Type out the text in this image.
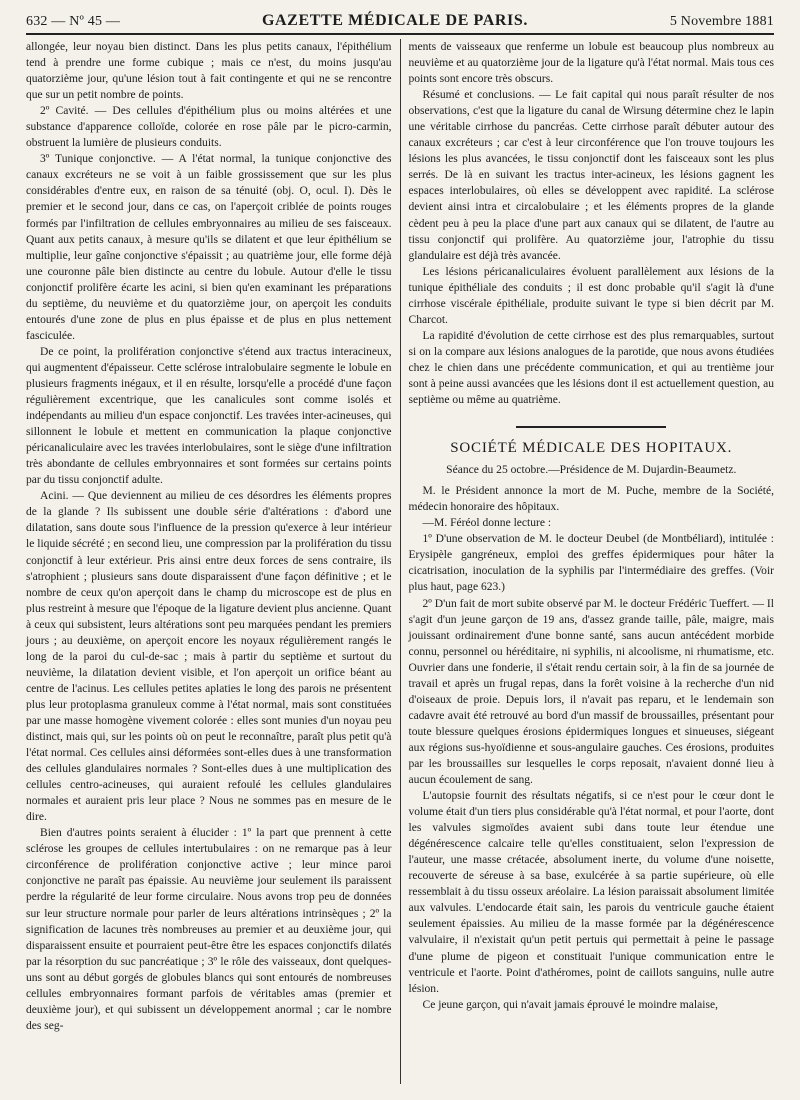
632 — Nº 45 —	GAZETTE MÉDICALE DE PARIS.	5 Novembre 1881

allongée, leur noyau bien distinct. Dans les plus petits canaux, l'épithélium tend à prendre une forme cubique ; mais ce n'est, du moins jusqu'au quatorzième jour, qu'une lésion tout à fait contingente et qui ne se rencontre que sur un petit nombre de points.

2º Cavité. — Des cellules d'épithélium plus ou moins altérées et une substance d'apparence colloïde, colorée en rose pâle par le picro-carmin, obstruent la lumière de plusieurs conduits.

3º Tunique conjonctive. — A l'état normal, la tunique conjonctive des canaux excréteurs ne se voit à un faible grossissement que sur les plus considérables d'entre eux, en raison de sa ténuité (obj. O, ocul. I). Dès le premier et le second jour, dans ce cas, on l'aperçoit criblée de points rouges formés par l'infiltration de cellules embryonnaires au milieu de ses faisceaux. Quant aux petits canaux, à mesure qu'ils se dilatent et que leur épithélium se multiplie, leur gaîne conjonctive s'épaissit ; au quatrième jour, elle forme déjà une couronne pâle bien distincte au centre du lobule. Autour d'elle le tissu conjonctif prolifère écarte les acini, si bien qu'en examinant les préparations du septième, du neuvième et du quatorzième jour, on aperçoit les conduits entourés d'une zone de plus en plus épaisse et de plus en plus nettement fasciculée.

De ce point, la prolifération conjonctive s'étend aux tractus interacineux, qui augmentent d'épaisseur. Cette sclérose intralobulaire segmente le lobule en plusieurs fragments inégaux, et il en résulte, lorsqu'elle a procédé d'une façon régulièrement excentrique, que les canalicules sont comme isolés et indépendants au milieu d'un espace conjonctif. Les travées inter-acineuses, qui sillonnent le lobule et mettent en communication la plaque conjonctive péricanaliculaire avec les travées interlobulaires, sont le siège d'une infiltration très abondante de cellules embryonnaires et sont formées sur certains points par du tissu conjonctif adulte.

Acini. — Que deviennent au milieu de ces désordres les éléments propres de la glande ? Ils subissent une double série d'altérations : d'abord une dilatation, sans doute sous l'influence de la pression qu'exerce à leur intérieur le liquide sécrété ; en second lieu, une compression par la prolifération du tissu conjonctif à leur extérieur. Pris ainsi entre deux forces de sens contraire, ils s'atrophient ; plusieurs sans doute disparaissent d'une façon définitive ; et le nombre de ceux qu'on aperçoit dans le champ du microscope est de plus en plus restreint à mesure que l'époque de la ligature devient plus ancienne. Quant à ceux qui subsistent, leurs altérations sont peu marquées pendant les premiers jours ; au deuxième, on aperçoit encore les noyaux régulièrement rangés le long de la paroi du cul-de-sac ; mais à partir du septième et surtout du neuvième, la dilatation devient visible, et l'on aperçoit un orifice béant au centre de l'acinus. Les cellules petites aplaties le long des parois ne présentent plus leur protoplasma granuleux comme à l'état normal, mais sont constituées par une masse homogène vivement colorée : elles sont munies d'un noyau peu distinct, mais qui, sur les points où on peut le reconnaître, paraît plus petit qu'à l'état normal. Ces cellules ainsi déformées sont-elles dues à une transformation des cellules glandulaires normales ? Sont-elles dues à une multiplication des cellules centro-acineuses, qui auraient refoulé les cellules glandulaires normales et auraient pris leur place ? Nous ne sommes pas en mesure de le dire.

Bien d'autres points seraient à élucider : 1º la part que prennent à cette sclérose les groupes de cellules intertubulaires : on ne remarque pas à leur circonférence de prolifération conjonctive active ; leur mince paroi conjonctive ne paraît pas épaissie. Au neuvième jour seulement ils paraissent perdre la régularité de leur forme circulaire. Nous avons trop peu de données sur leur structure normale pour parler de leurs altérations intrinsèques ; 2º la signification de lacunes très nombreuses au premier et au deuxième jour, qui disparaissent ensuite et pourraient peut-être être les espaces conjonctifs dilatés par la résorption du suc pancréatique ; 3º le rôle des vaisseaux, dont quelques-uns sont au début gorgés de globules blancs qui sont entourés de nombreuses cellules embryonnaires formant parfois de véritables amas (premier et deuxième jour), et qui subissent un développement anormal ; car le nombre des seg-

ments de vaisseaux que renferme un lobule est beaucoup plus nombreux au neuvième et au quatorzième jour de la ligature qu'à l'état normal. Mais tous ces points sont encore très obscurs.

Résumé et conclusions. — Le fait capital qui nous paraît résulter de nos observations, c'est que la ligature du canal de Wirsung détermine chez le lapin une véritable cirrhose du pancréas. Cette cirrhose paraît débuter autour des canaux excréteurs ; car c'est à leur circonférence que l'on trouve toujours les lésions les plus avancées, le tissu conjonctif dont les faisceaux sont les plus serrés. De là en suivant les tractus inter-acineux, les lésions gagnent les espaces interlobulaires, où elles se développent avec rapidité. La sclérose devient ainsi intra et circalobulaire ; et les éléments propres de la glande cèdent peu à peu la place d'une part aux canaux qui se dilatent, de l'autre au tissu conjonctif qui prolifère. Au quatorzième jour, l'atrophie du tissu glandulaire est déjà très avancée.

Les lésions péricanaliculaires évoluent parallèlement aux lésions de la tunique épithéliale des conduits ; il est donc probable qu'il s'agit là d'une cirrhose viscérale épithéliale, produite suivant le type si bien décrit par M. Charcot.

La rapidité d'évolution de cette cirrhose est des plus remarquables, surtout si on la compare aux lésions analogues de la parotide, que nous avons étudiées chez le chien dans une précédente communication, et qui au trentième jour sont à peine aussi avancées que les lésions dont il est actuellement question, au septième ou même au quatrième.

SOCIÉTÉ MÉDICALE DES HOPITAUX.

Séance du 25 octobre.—Présidence de M. Dujardin-Beaumetz.

M. le Président annonce la mort de M. Puche, membre de la Société, médecin honoraire des hôpitaux.

—M. Féréol donne lecture :

1º D'une observation de M. le docteur Deubel (de Montbéliard), intitulée : Erysipèle gangréneux, emploi des greffes épidermiques pour hâter la cicatrisation, inoculation de la syphilis par l'intermédiaire des greffes. (Voir plus haut, page 623.)

2º D'un fait de mort subite observé par M. le docteur Frédéric Tueffert. — Il s'agit d'un jeune garçon de 19 ans, d'assez grande taille, pâle, maigre, mais jouissant ordinairement d'une bonne santé, sans aucun antécédent morbide connu, personnel ou héréditaire, ni syphilis, ni alcoolisme, ni rhumatisme, etc. Ouvrier dans une fonderie, il s'était rendu certain soir, à la fin de sa journée de travail et après un frugal repas, dans la forêt voisine à la recherche d'un nid d'oiseaux de proie. Depuis lors, il n'avait pas reparu, et le lendemain son cadavre avait été retrouvé au bord d'un massif de broussailles, présentant pour toute blessure quelques érosions épidermiques longues et sinueuses, siégeant aux régions sus-hyoïdienne et sous-angulaire gauches. Ces érosions, produites par les broussailles sur lesquelles le corps reposait, n'avaient donné lieu à aucun écoulement de sang.

L'autopsie fournit des résultats négatifs, si ce n'est pour le cœur dont le volume était d'un tiers plus considérable qu'à l'état normal, et pour l'aorte, dont les valvules sigmoïdes avaient subi dans toute leur étendue une dégénérescence calcaire telle qu'elles constituaient, selon l'expression de l'auteur, une masse crétacée, absolument inerte, du volume d'une noisette, recouverte de séreuse à sa base, exulcérée à sa partie supérieure, où elle ressemblait à du tissu osseux aréolaire. La lésion paraissait absolument limitée aux valvules. L'endocarde était sain, les parois du ventricule gauche étaient seulement épaissies. Au milieu de la masse formée par la dégénérescence valvulaire, il n'existait qu'un petit pertuis qui permettait à peine le passage d'une plume de pigeon et constituait l'unique communication entre le ventricule et l'aorte. Point d'athéromes, point de caillots sanguins, nulle autre lésion.

Ce jeune garçon, qui n'avait jamais éprouvé le moindre malaise,
